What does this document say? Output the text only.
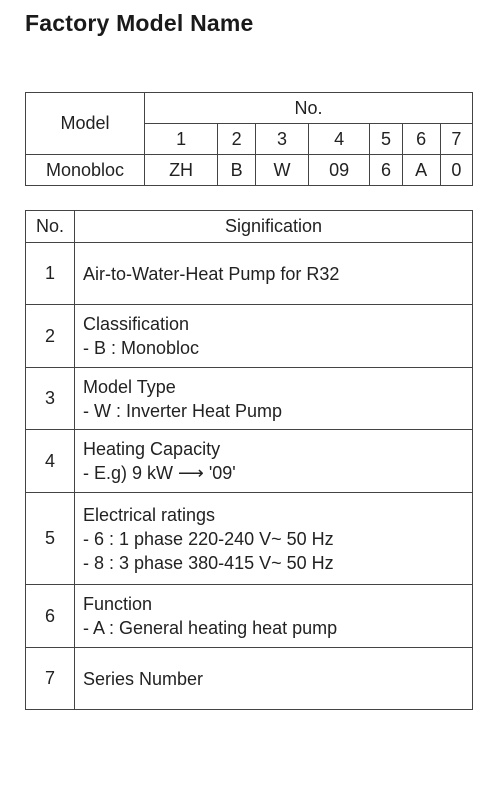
Factory Model Name
Model	No.						
	1	2	3	4	5	6	7
Monobloc	ZH	B	W	09	6	A	0
No.	Signification
1	Air-to-Water-Heat Pump for R32

2	Classification
- B : Monobloc

3	Model Type
- W : Inverter Heat Pump

4	Heating Capacity
- E.g) 9 kW ⟶ '09'

5	Electrical ratings
- 6 : 1 phase 220-240 V~ 50 Hz
- 8 : 3 phase 380-415 V~ 50 Hz

6	Function
- A : General heating heat pump

7	Series Number
